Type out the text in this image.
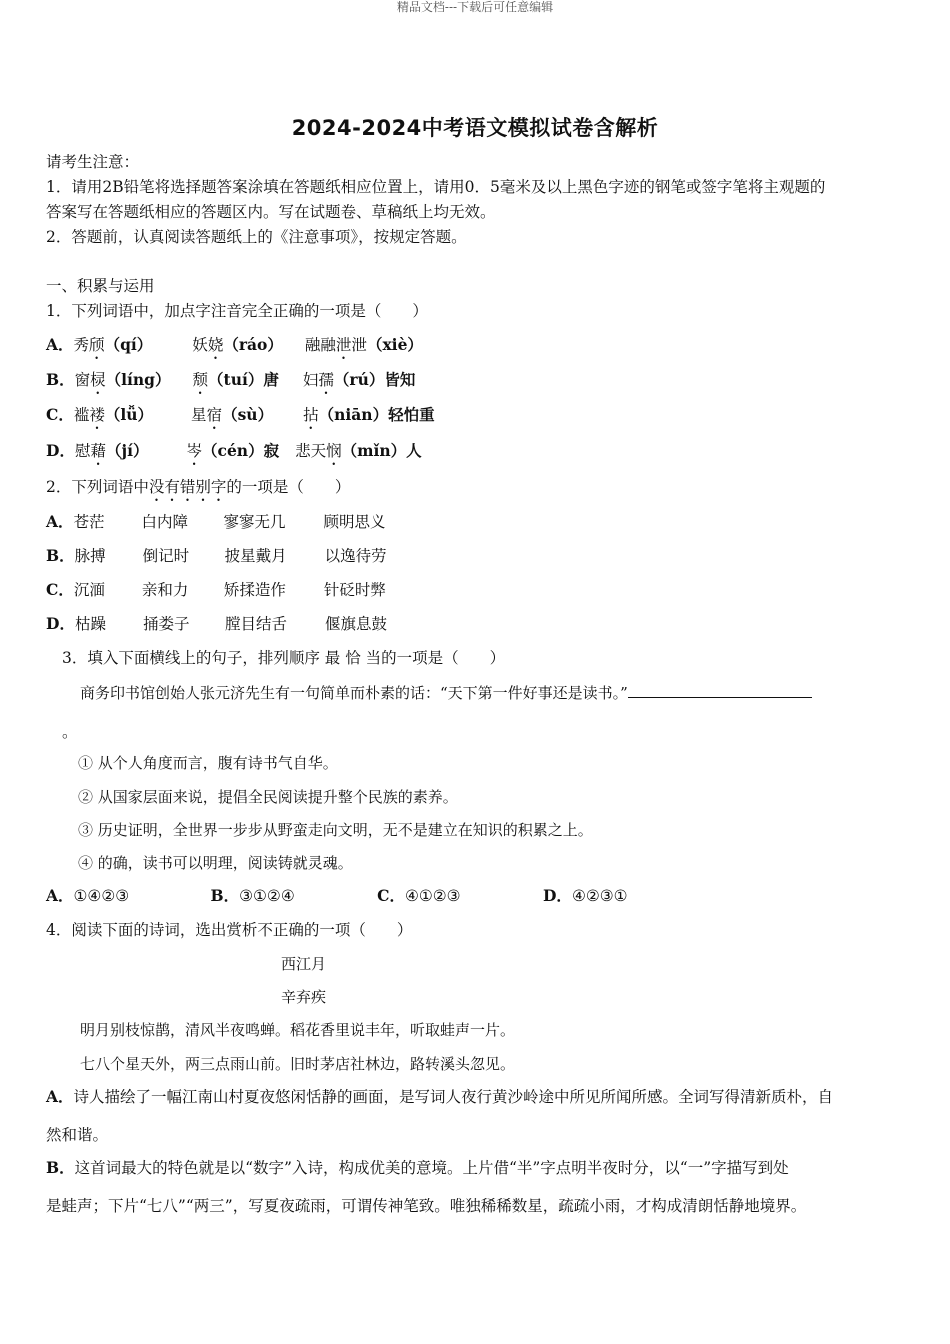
精品文档---下载后可任意编辑
2024-2024中考语文模拟试卷含解析
请考生注意：
1．请用2B铅笔将选择题答案涂填在答题纸相应位置上，请用0．5毫米及以上黑色字迹的钢笔或签字笔将主观题的
答案写在答题纸相应的答题区内。写在试题卷、草稿纸上均无效。
2．答题前，认真阅读答题纸上的《注意事项》，按规定答题。
一、积累与运用
1．下列词语中，加点字注音完全正确的一项是（　　）
A．秀颀（qí）	妖娆（ráo） 融融泄泄（xiè）
B．窗棂（líng） 颓（tuí）唐 妇孺（rú）皆知
C．褴褛（lǚ） 星宿（sù） 拈（niān）轻怕重
D．慰藉（jí） 岑（cén）寂 悲天悯（mǐn）人
2．下列词语中没有错别字的一项是（　　）
A．苍茫 白内障 寥寥无几 顾明思义
B．脉搏 倒记时 披星戴月 以逸待劳
C．沉湎 亲和力 矫揉造作 针砭时弊
D．枯躁 捅娄子 膛目结舌 偃旗息鼓
3．填入下面横线上的句子，排列顺序 最 恰 当的一项是（　　）
商务印书馆创始人张元济先生有一句简单而朴素的话：“天下第一件好事还是读书。”
。
① 从个人角度而言，腹有诗书气自华。
② 从国家层面来说，提倡全民阅读提升整个民族的素养。
③ 历史证明，全世界一步步从野蛮走向文明，无不是建立在知识的积累之上。
④ 的确，读书可以明理，阅读铸就灵魂。
A．①④②③	B．③①②④	C．④①②③	D．④②③①
4．阅读下面的诗词，选出赏析不正确的一项（　　）
西江月
辛弃疾
明月别枝惊鹊，清风半夜鸣蝉。稻花香里说丰年，听取蛙声一片。
七八个星天外，两三点雨山前。旧时茅店社林边，路转溪头忽见。
A．诗人描绘了一幅江南山村夏夜悠闲恬静的画面，是写词人夜行黄沙岭途中所见所闻所感。全词写得清新质朴，自
然和谐。
B．这首词最大的特色就是以“数字”入诗，构成优美的意境。上片借“半”字点明半夜时分，以“一”字描写到处
是蛙声；下片“七八”“两三”，写夏夜疏雨，可谓传神笔致。唯独稀稀数星，疏疏小雨，才构成清朗恬静地境界。
